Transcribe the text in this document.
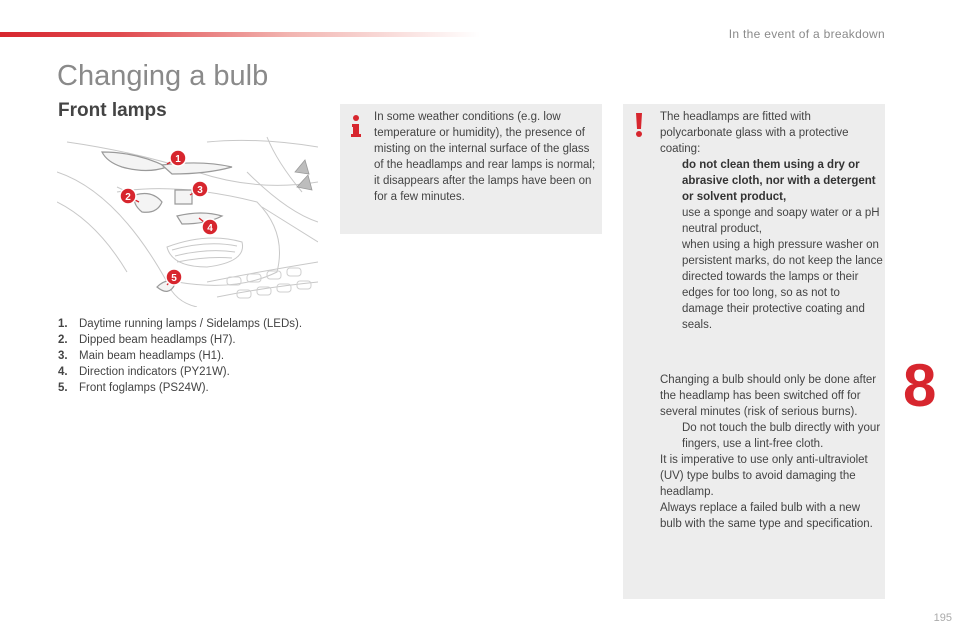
In the event of a breakdown
Changing a bulb
Front lamps
1
2
3
4
5
1. Daytime running lamps / Sidelamps (LEDs).
2. Dipped beam headlamps (H7).
3. Main beam headlamps (H1).
4. Direction indicators (PY21W).
5. Front foglamps (PS24W).

In some weather conditions (e.g. low temperature or humidity), the presence of misting on the internal surface of the glass of the headlamps and rear lamps is normal; it disappears after the lamps have been on for a few minutes.

The headlamps are fitted with polycarbonate glass with a protective coating:

do not clean them using a dry or abrasive cloth, nor with a detergent or solvent product,
use a sponge and soapy water or a pH neutral product,
when using a high pressure washer on persistent marks, do not keep the lance directed towards the lamps or their edges for too long, so as not to damage their protective coating and seals.

Changing a bulb should only be done after the headlamp has been switched off for several minutes (risk of serious burns).

Do not touch the bulb directly with your fingers, use a lint-free cloth.

It is imperative to use only anti-ultraviolet (UV) type bulbs to avoid damaging the headlamp.

Always replace a failed bulb with a new bulb with the same type and specification.

8
195
